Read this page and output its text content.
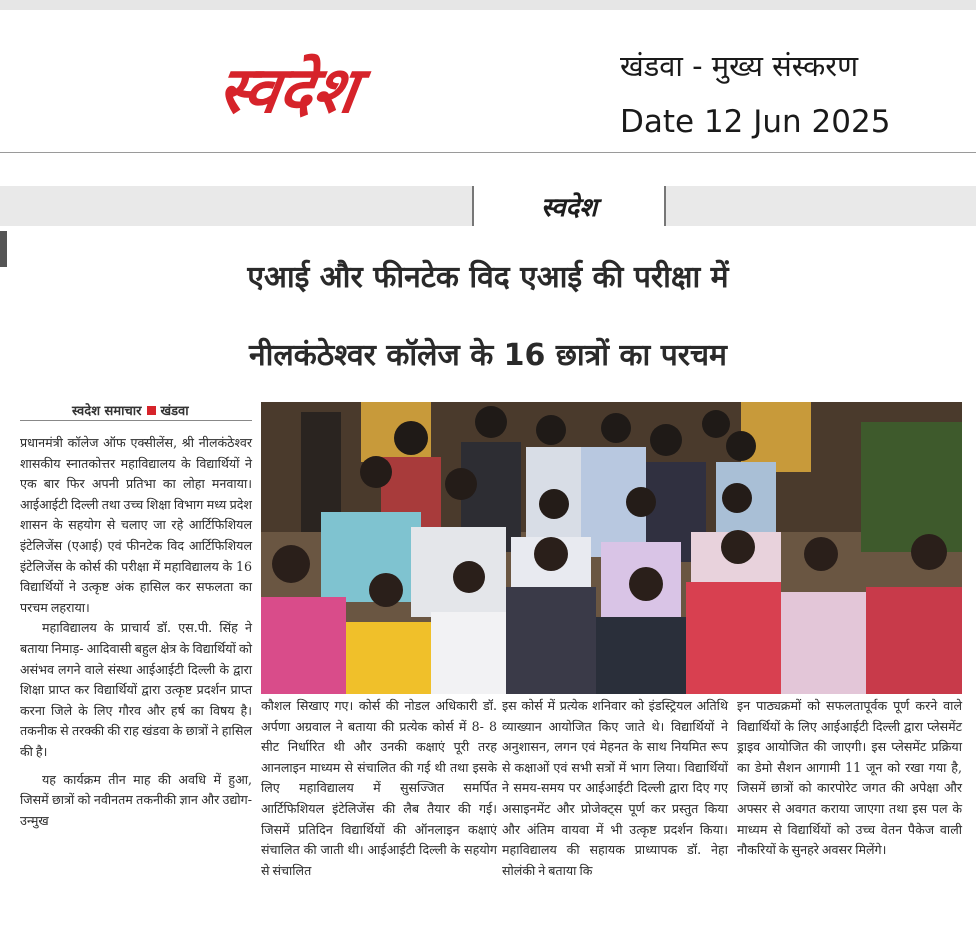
स्वदेश	खंडवा - मुख्य संस्करण
Date 12 Jun 2025
स्वदेश
एआई और फीनटेक विद एआई की परीक्षा में
नीलकंठेश्वर कॉलेज के 16 छात्रों का परचम
स्वदेश समाचार खंडवा

प्रधानमंत्री कॉलेज ऑफ एक्सीलेंस, श्री नीलकंठेश्वर शासकीय स्नातकोत्तर महाविद्यालय के विद्यार्थियों ने एक बार फिर अपनी प्रतिभा का लोहा मनवाया। आईआईटी दिल्ली तथा उच्च शिक्षा विभाग मध्य प्रदेश शासन के सहयोग से चलाए जा रहे आर्टिफिशियल इंटेलिजेंस (एआई) एवं फीनटेक विद आर्टिफिशियल इंटेलिजेंस के कोर्स की परीक्षा में महाविद्यालय के 16 विद्यार्थियों ने उत्कृष्ट अंक हासिल कर सफलता का परचम लहराया।

महाविद्यालय के प्राचार्य डॉ. एस.पी. सिंह ने बताया निमाड़- आदिवासी बहुल क्षेत्र के विद्यार्थियों को असंभव लगने वाले संस्था आईआईटी दिल्ली के द्वारा शिक्षा प्राप्त कर विद्यार्थियों द्वारा उत्कृष्ट प्रदर्शन प्राप्त करना जिले के लिए गौरव और हर्ष का विषय है। तकनीक से तरक्की की राह खंडवा के छात्रों ने हासिल की है।

यह कार्यक्रम तीन माह की अवधि में हुआ, जिसमें छात्रों को नवीनतम तकनीकी ज्ञान और उद्योग-उन्मुख

कौशल सिखाए गए। कोर्स की नोडल अधिकारी डॉ. अर्पणा अग्रवाल ने बताया की प्रत्येक कोर्स में 8- 8 सीट निर्धारित थी और उनकी कक्षाएं पूरी तरह आनलाइन माध्यम से संचालित की गई थी तथा इसके लिए महाविद्यालय में सुसज्जित समर्पित आर्टिफिशियल इंटेलिजेंस की लैब तैयार की गई। जिसमें प्रतिदिन विद्यार्थियों की ऑनलाइन कक्षाएं संचालित की जाती थी। आईआईटी दिल्ली के सहयोग से संचालित

इस कोर्स में प्रत्येक शनिवार को इंडस्ट्रियल अतिथि व्याख्यान आयोजित किए जाते थे। विद्यार्थियों ने अनुशासन, लगन एवं मेहनत के साथ नियमित रूप से कक्षाओं एवं सभी सत्रों में भाग लिया। विद्यार्थियों ने समय-समय पर आईआईटी दिल्ली द्वारा दिए गए असाइनमेंट और प्रोजेक्ट्स पूर्ण कर प्रस्तुत किया और अंतिम वायवा में भी उत्कृष्ट प्रदर्शन किया। महाविद्यालय की सहायक प्राध्यापक डॉ. नेहा सोलंकी ने बताया कि

इन पाठ्यक्रमों को सफलतापूर्वक पूर्ण करने वाले विद्यार्थियों के लिए आईआईटी दिल्ली द्वारा प्लेसमेंट ड्राइव आयोजित की जाएगी। इस प्लेसमेंट प्रक्रिया का डेमो सैशन आगामी 11 जून को रखा गया है, जिसमें छात्रों को कारपोरेट जगत की अपेक्षा और अफ्सर से अवगत कराया जाएगा तथा इस पल के माध्यम से विद्यार्थियों को उच्च वेतन पैकेज वाली नौकरियों के सुनहरे अवसर मिलेंगे।
